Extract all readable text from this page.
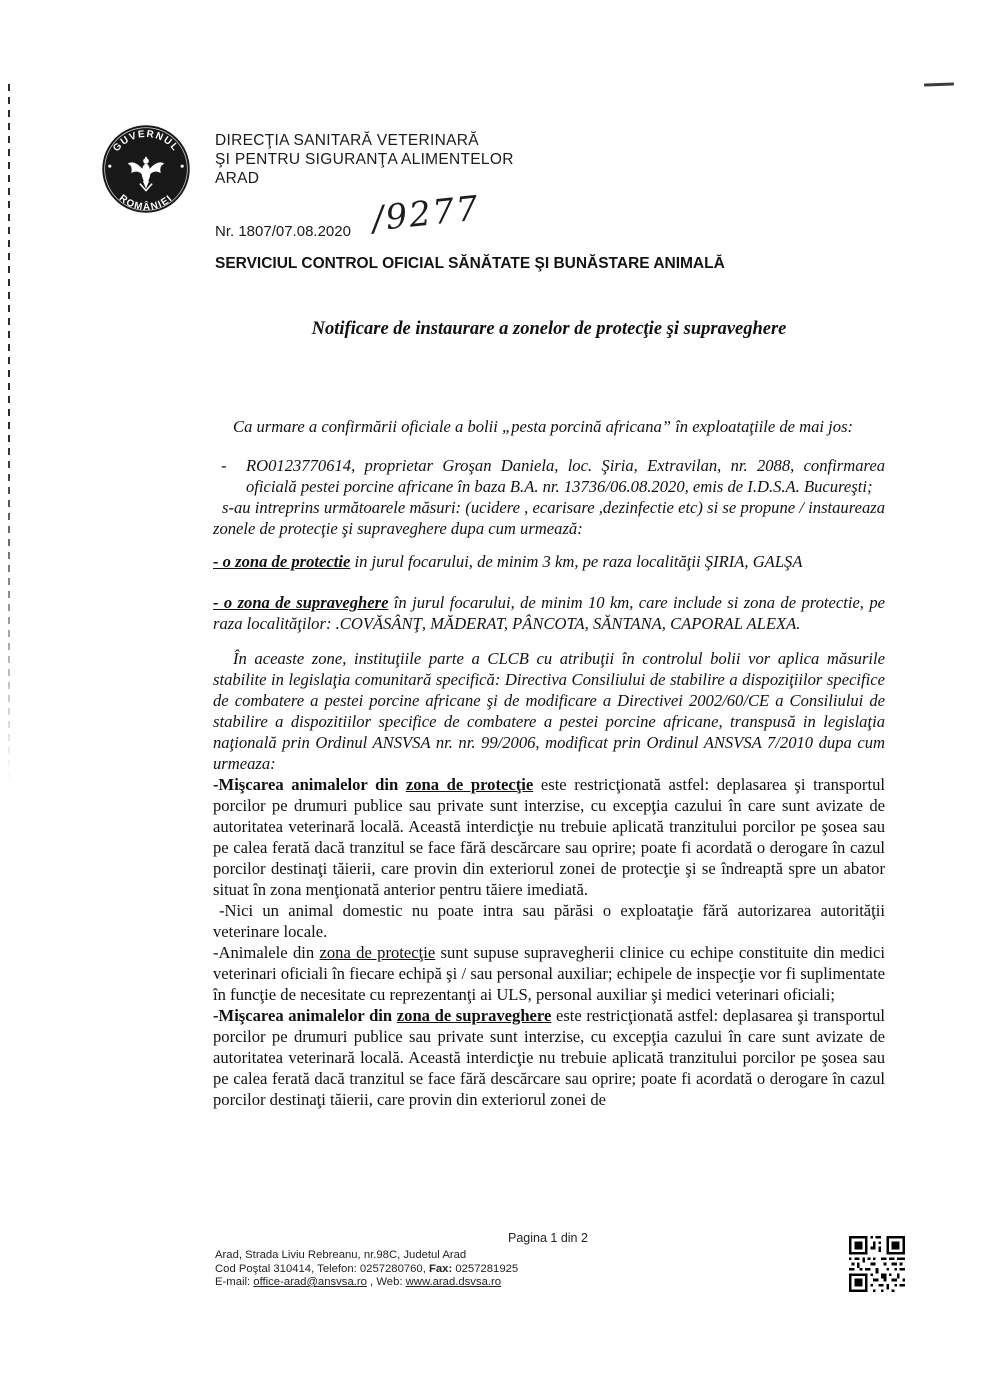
GUVERNUL
ROMÂNIEI
DIRECŢIA SANITARĂ VETERINARĂ
ŞI PENTRU SIGURANŢA ALIMENTELOR
ARAD
Nr. 1807/07.08.2020 /9277
SERVICIUL CONTROL OFICIAL SĂNĂTATE ŞI BUNĂSTARE ANIMALĂ
Notificare de instaurare a zonelor de protecţie şi supraveghere

Ca urmare a confirmării oficiale a bolii „pesta porcină africana” în exploataţiile de mai jos:

- RO0123770614, proprietar Groşan Daniela, loc. Şiria, Extravilan, nr. 2088, confirmarea oficială pestei porcine africane în baza B.A. nr. 13736/06.08.2020, emis de I.D.S.A. Bucureşti;

s-au intreprins următoarele măsuri: (ucidere , ecarisare ,dezinfectie etc) si se propune / instaureaza zonele de protecţie şi supraveghere dupa cum urmează:

- o zona de protectie in jurul focarului, de minim 3 km, pe raza localităţii ŞIRIA, GALŞA

- o zona de supraveghere în jurul focarului, de minim 10 km, care include si zona de protectie, pe raza localităţilor: .COVĂSÂNŢ, MĂDERAT, PÂNCOTA, SĂNTANA, CAPORAL ALEXA.

În aceaste zone, instituţiile parte a CLCB cu atribuţii în controlul bolii vor aplica măsurile stabilite in legislaţia comunitară specifică: Directiva Consiliului de stabilire a dispoziţiilor specifice de combatere a pestei porcine africane şi de modificare a Directivei 2002/60/CE a Consiliului de stabilire a dispozitiilor specifice de combatere a pestei porcine africane, transpusă in legislaţia naţională prin Ordinul ANSVSA nr. nr. 99/2006, modificat prin Ordinul ANSVSA 7/2010 dupa cum urmeaza:

-Mişcarea animalelor din zona de protecţie este restricţionată astfel: deplasarea şi transportul porcilor pe drumuri publice sau private sunt interzise, cu excepţia cazului în care sunt avizate de autoritatea veterinară locală. Această interdicţie nu trebuie aplicată tranzitului porcilor pe şosea sau pe calea ferată dacă tranzitul se face fără descărcare sau oprire; poate fi acordată o derogare în cazul porcilor destinaţi tăierii, care provin din exteriorul zonei de protecţie şi se îndreaptă spre un abator situat în zona menţionată anterior pentru tăiere imediată.

-Nici un animal domestic nu poate intra sau părăsi o exploataţie fără autorizarea autorităţii veterinare locale.

-Animalele din zona de protecţie sunt supuse supravegherii clinice cu echipe constituite din medici veterinari oficiali în fiecare echipă şi / sau personal auxiliar; echipele de inspecţie vor fi suplimentate în funcţie de necesitate cu reprezentanţi ai ULS, personal auxiliar şi medici veterinari oficiali;

-Mişcarea animalelor din zona de supraveghere este restricţionată astfel: deplasarea şi transportul porcilor pe drumuri publice sau private sunt interzise, cu excepţia cazului în care sunt avizate de autoritatea veterinară locală. Această interdicţie nu trebuie aplicată tranzitului porcilor pe şosea sau pe calea ferată dacă tranzitul se face fără descărcare sau oprire; poate fi acordată o derogare în cazul porcilor destinaţi tăierii, care provin din exteriorul zonei de

Pagina 1 din 2
Arad, Strada Liviu Rebreanu, nr.98C, Judetul Arad
Cod Poştal 310414, Telefon: 0257280760, Fax: 0257281925
E-mail: office-arad@ansvsa.ro , Web: www.arad.dsvsa.ro
